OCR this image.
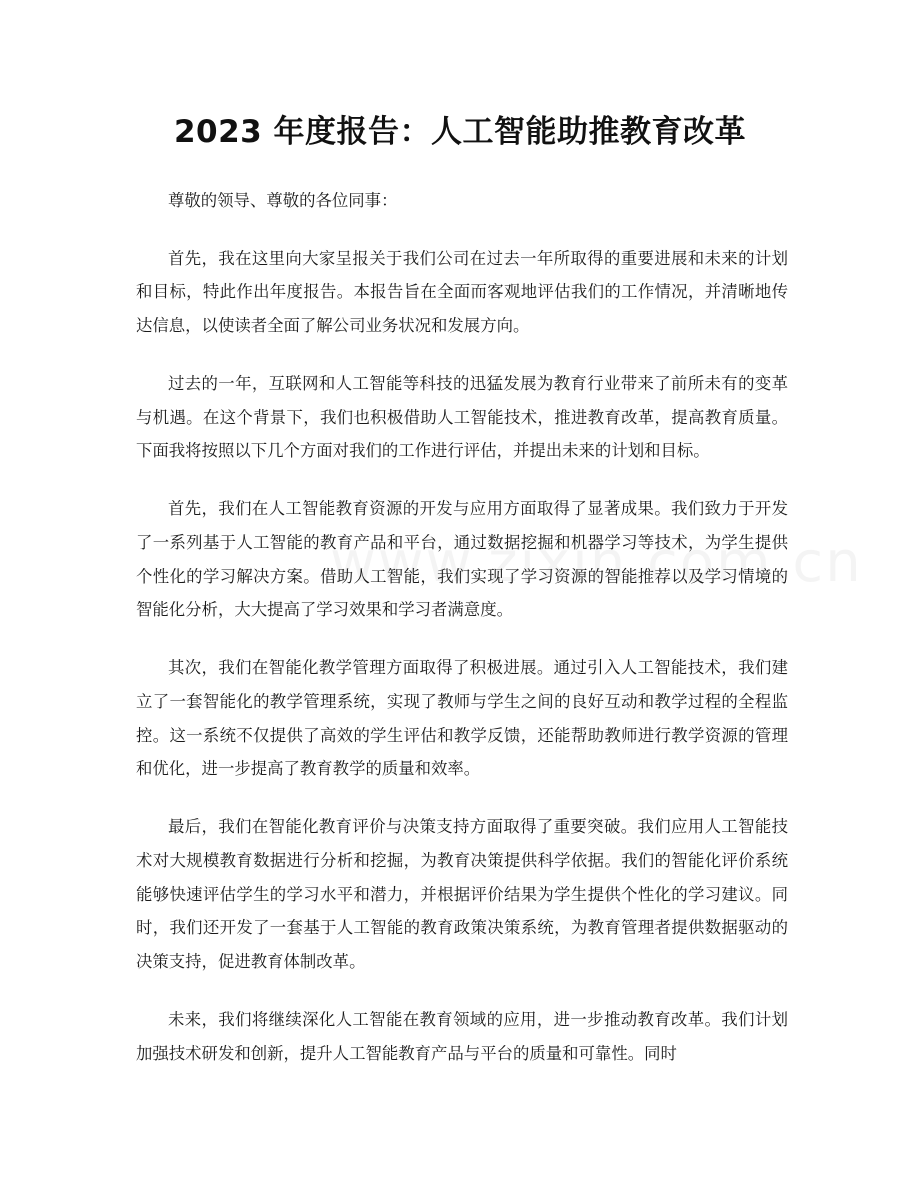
2023 年度报告：人工智能助推教育改革

尊敬的领导、尊敬的各位同事：

首先，我在这里向大家呈报关于我们公司在过去一年所取得的重要进展和未来的计划和目标，特此作出年度报告。本报告旨在全面而客观地评估我们的工作情况，并清晰地传达信息，以使读者全面了解公司业务状况和发展方向。

过去的一年，互联网和人工智能等科技的迅猛发展为教育行业带来了前所未有的变革与机遇。在这个背景下，我们也积极借助人工智能技术，推进教育改革，提高教育质量。下面我将按照以下几个方面对我们的工作进行评估，并提出未来的计划和目标。

首先，我们在人工智能教育资源的开发与应用方面取得了显著成果。我们致力于开发了一系列基于人工智能的教育产品和平台，通过数据挖掘和机器学习等技术，为学生提供个性化的学习解决方案。借助人工智能，我们实现了学习资源的智能推荐以及学习情境的智能化分析，大大提高了学习效果和学习者满意度。

其次，我们在智能化教学管理方面取得了积极进展。通过引入人工智能技术，我们建立了一套智能化的教学管理系统，实现了教师与学生之间的良好互动和教学过程的全程监控。这一系统不仅提供了高效的学生评估和教学反馈，还能帮助教师进行教学资源的管理和优化，进一步提高了教育教学的质量和效率。

最后，我们在智能化教育评价与决策支持方面取得了重要突破。我们应用人工智能技术对大规模教育数据进行分析和挖掘，为教育决策提供科学依据。我们的智能化评价系统能够快速评估学生的学习水平和潜力，并根据评价结果为学生提供个性化的学习建议。同时，我们还开发了一套基于人工智能的教育政策决策系统，为教育管理者提供数据驱动的决策支持，促进教育体制改革。

未来，我们将继续深化人工智能在教育领域的应用，进一步推动教育改革。我们计划加强技术研发和创新，提升人工智能教育产品与平台的质量和可靠性。同时
